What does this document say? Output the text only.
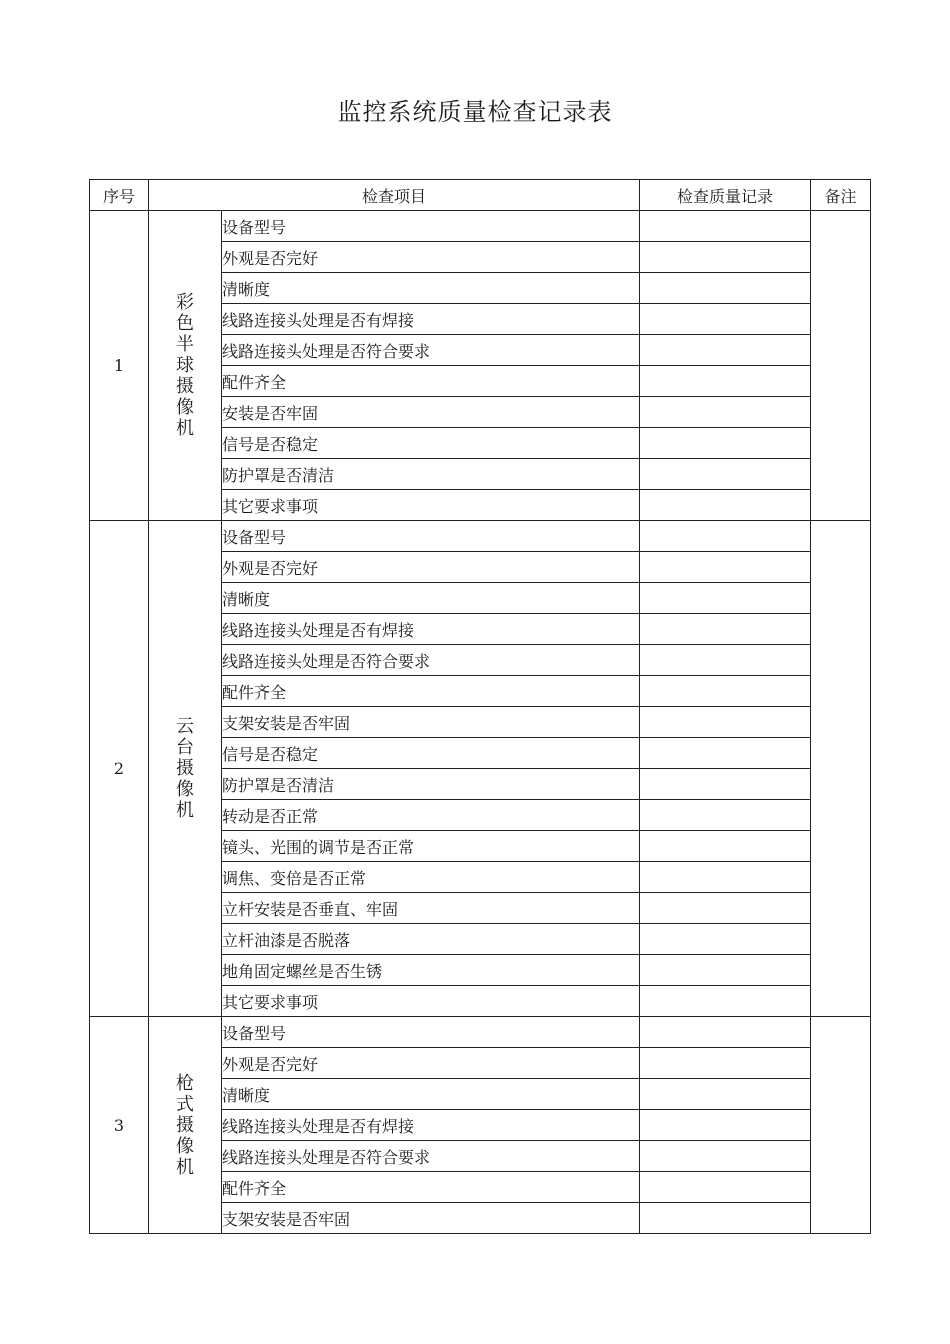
监控系统质量检查记录表
序号	检查项目		检查质量记录	备注
1	彩色半球摄像机	设备型号		
		外观是否完好		
		清晰度		
		线路连接头处理是否有焊接		
		线路连接头处理是否符合要求		
		配件齐全		
		安装是否牢固		
		信号是否稳定		
		防护罩是否清洁		
		其它要求事项		
2	云台摄像机	设备型号		
		外观是否完好		
		清晰度		
		线路连接头处理是否有焊接		
		线路连接头处理是否符合要求		
		配件齐全		
		支架安装是否牢固		
		信号是否稳定		
		防护罩是否清洁		
		转动是否正常		
		镜头、光围的调节是否正常		
		调焦、变倍是否正常		
		立杆安装是否垂直、牢固		
		立杆油漆是否脱落		
		地角固定螺丝是否生锈		
		其它要求事项		
3	枪式摄像机	设备型号		
		外观是否完好		
		清晰度		
		线路连接头处理是否有焊接		
		线路连接头处理是否符合要求		
		配件齐全		
		支架安装是否牢固		
